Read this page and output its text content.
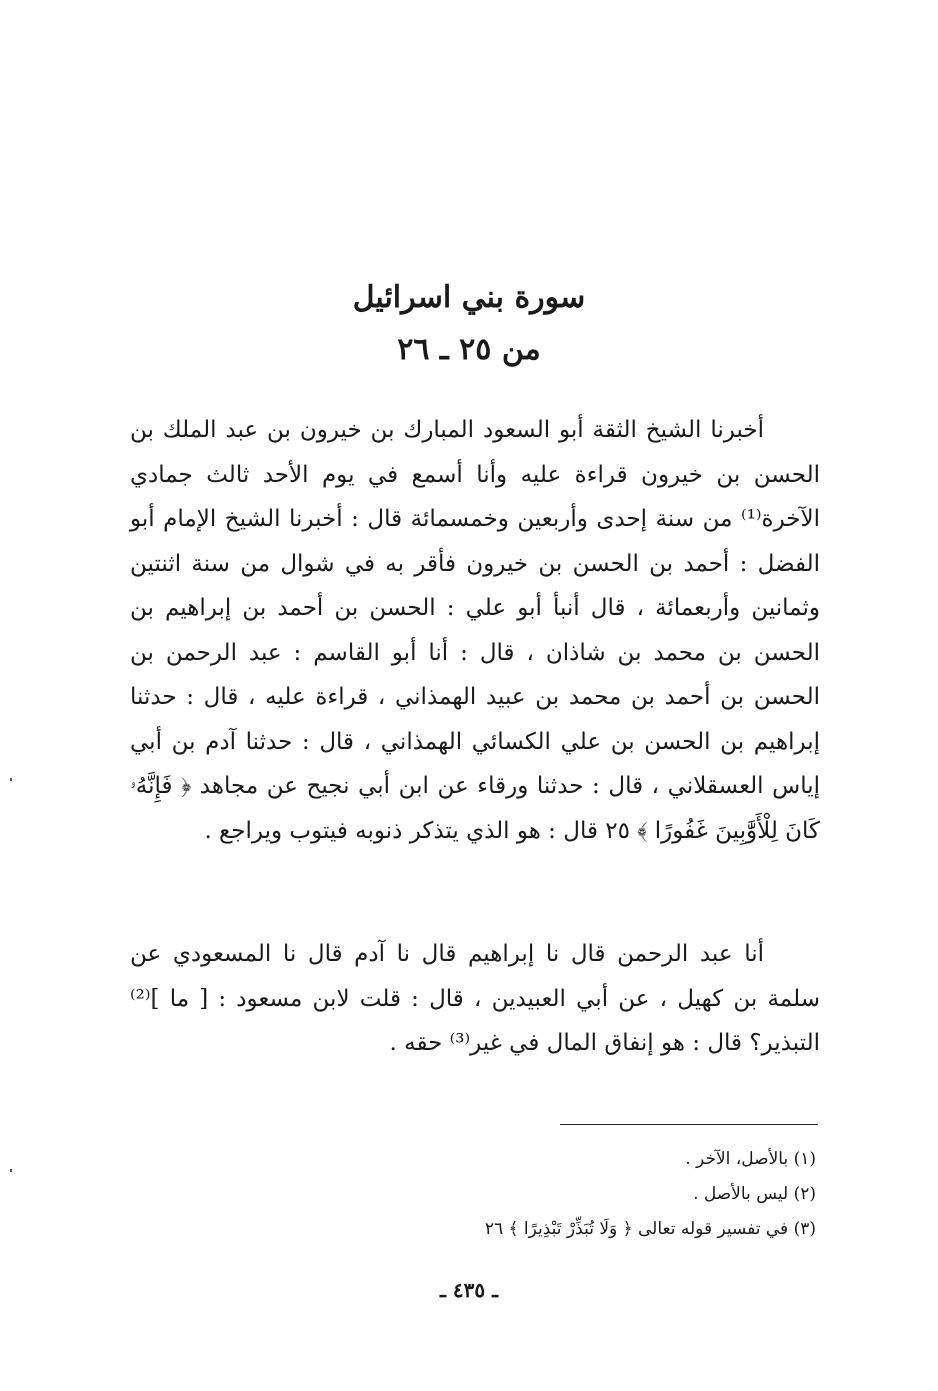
سورة بني اسرائيل
من ٢٥ ـ ٢٦

أخبرنا الشيخ الثقة أبو السعود المبارك بن خيرون بن عبد الملك بن الحسن بن خيرون قراءة عليه وأنا أسمع في يوم الأحد ثالث جمادي الآخرة⁽¹⁾ من سنة إحدى وأربعين وخمسمائة قال : أخبرنا الشيخ الإمام أبو الفضل : أحمد بن الحسن بن خيرون فأقر به في شوال من سنة اثنتين وثمانين وأربعمائة ، قال أنبأ أبو علي : الحسن بن أحمد بن إبراهيم بن الحسن بن محمد بن شاذان ، قال : أنا أبو القاسم : عبد الرحمن بن الحسن بن أحمد بن محمد بن عبيد الهمذاني ، قراءة عليه ، قال : حدثنا إبراهيم بن الحسن بن علي الكسائي الهمذاني ، قال : حدثنا آدم بن أبي إياس العسقلاني ، قال : حدثنا ورقاء عن ابن أبي نجيح عن مجاهد ﴿ فَإِنَّهُۥ كَانَ لِلْأَوَّٰبِينَ غَفُورًا ﴾ ٢٥ قال : هو الذي يتذكر ذنوبه فيتوب ويراجع .

أنا عبد الرحمن قال نا إبراهيم قال نا آدم قال نا المسعودي عن سلمة بن كهيل ، عن أبي العبيدين ، قال : قلت لابن مسعود : [ ما ]⁽²⁾ التبذير؟ قال : هو إنفاق المال في غير⁽³⁾ حقه .

(١) بالأصل، الآخر .
(٢) ليس بالأصل .
(٣) في تفسير قوله تعالى ﴿ وَلَا تُبَذِّرْ تَبْذِيرًا ﴾ ٢٦
ـ ٤٣٥ ـ
